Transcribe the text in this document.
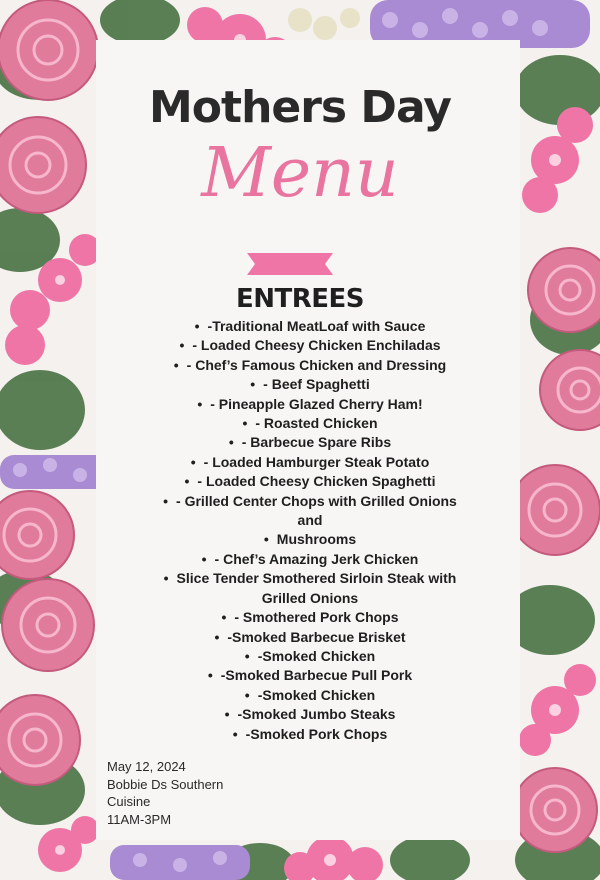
Mothers Day
Menu
ENTREES
• -Traditional MeatLoaf with Sauce
• - Loaded Cheesy Chicken Enchiladas
• - Chef’s Famous Chicken and Dressing
• - Beef Spaghetti
• - Pineapple Glazed Cherry Ham!
• - Roasted Chicken
• - Barbecue Spare Ribs
• - Loaded Hamburger Steak Potato
• - Loaded Cheesy Chicken Spaghetti
• - Grilled Center Chops with Grilled Onions
and
• Mushrooms
• - Chef’s Amazing Jerk Chicken
• Slice Tender Smothered Sirloin Steak with
Grilled Onions
• - Smothered Pork Chops
• -Smoked Barbecue Brisket
• -Smoked Chicken
• -Smoked Barbecue Pull Pork
• -Smoked Chicken
• -Smoked Jumbo Steaks
• -Smoked Pork Chops
May 12, 2024
Bobbie Ds Southern
Cuisine
11AM-3PM
